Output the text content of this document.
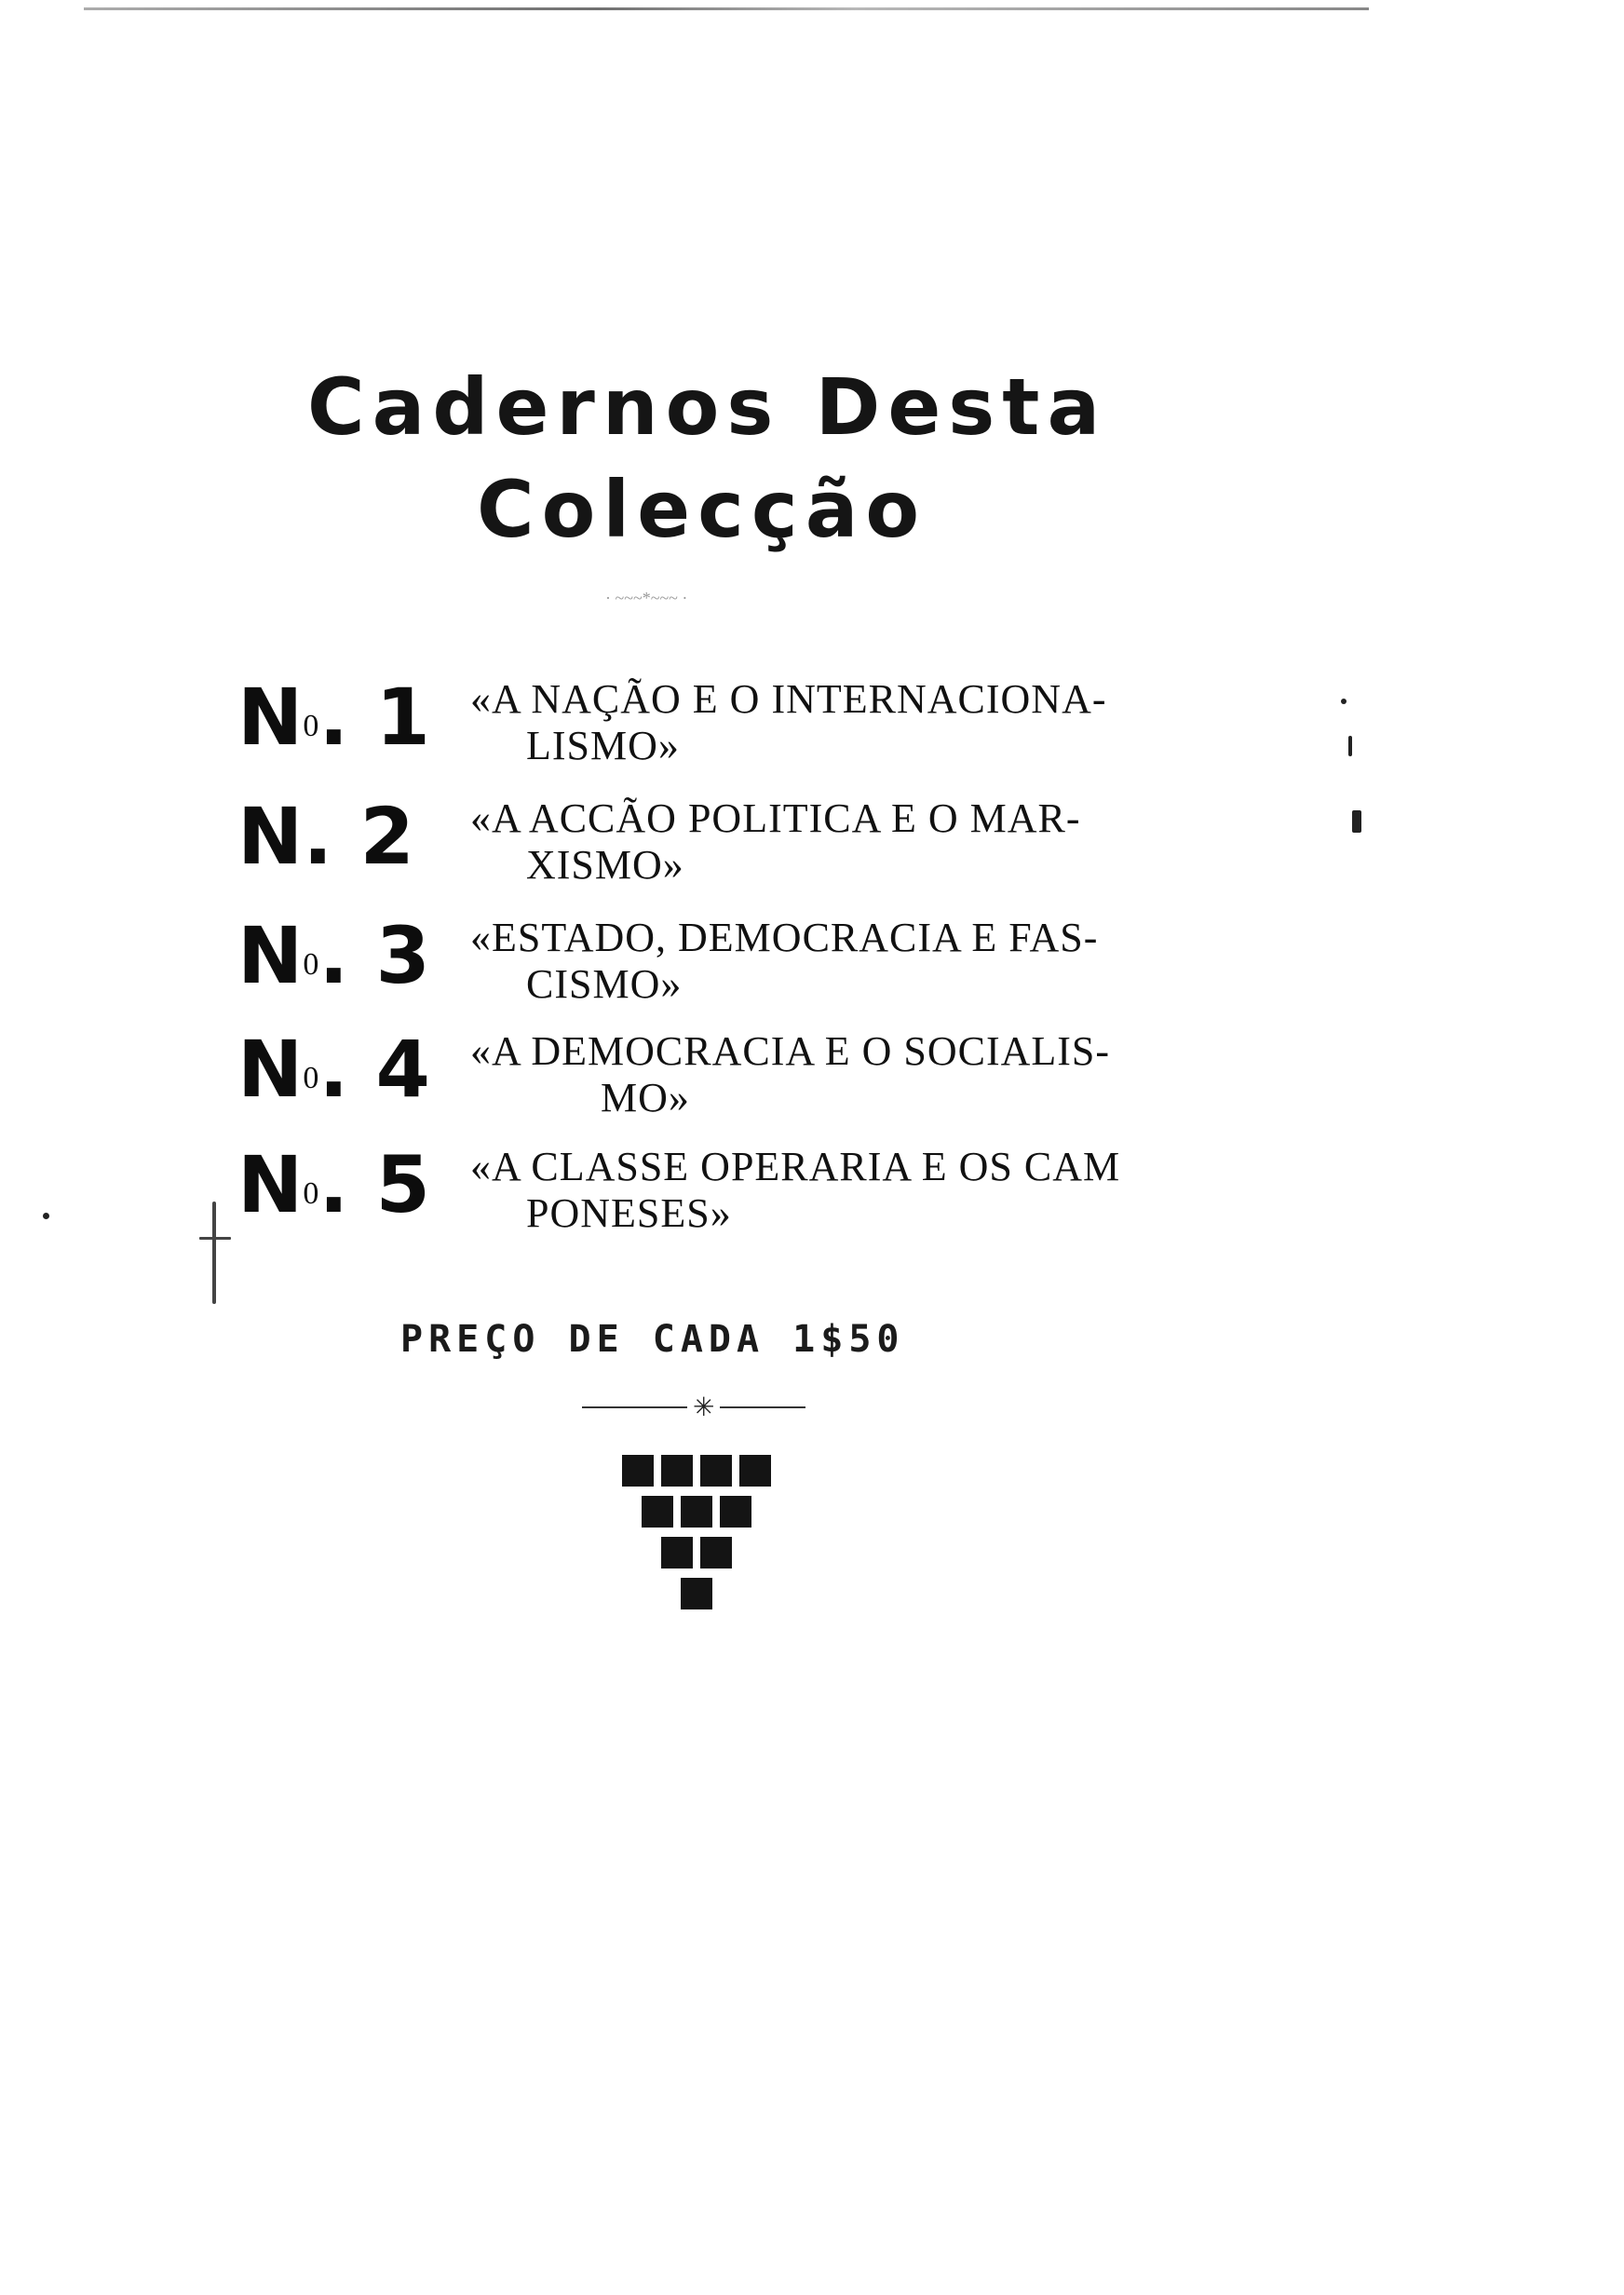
Cadernos Desta
Colecção
· ~~~*~~~ ·
$N^0$. 1 «A NAÇÃO E O INTERNACIONA-
LISMO»
N. 2 «A ACCÃO POLITICA E O MAR-
XISMO»
$N^0$. 3 «ESTADO, DEMOCRACIA E FAS-
CISMO»
$N^0$. 4 «A DEMOCRACIA E O SOCIALIS-
MO»
$N^0$. 5 «A CLASSE OPERARIA E OS CAM
PONESES»
PREÇO DE CADA 1$50
✳
